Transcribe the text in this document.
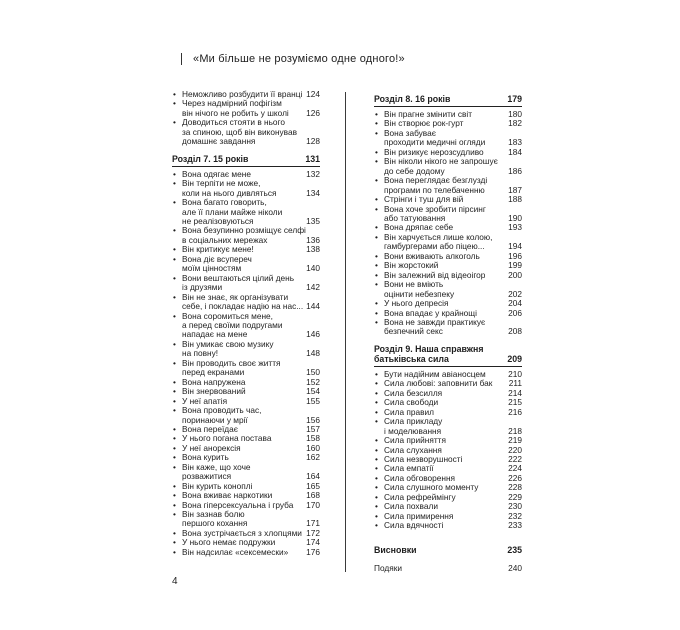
«Ми більше не розуміємо одне одного!»
• Неможливо розбудити її вранці 124
• Через надмірний пофігізм
він нічого не робить у школі	126
• Доводиться стояти в нього
за спиною, щоб він виконував
домашнє завдання	128
Розділ 7. 15 років	131
• Вона одягає мене	132
• Він терпіти не може,
коли на нього дивляться	134
• Вона багато говорить,
але її плани майже ніколи
не реалізовуються	135
• Вона безупинно розміщує селфі
в соціальних мережах	136
• Він критикує мене!	138
• Вона діє всупереч
моїм цінностям	140
• Вони вештаються цілий день
із друзями	142
• Він не знає, як організувати
себе, і покладає надію на нас... 144
• Вона соромиться мене,
а перед своїми подругами
нападає на мене	146
• Він умикає свою музику
на повну!	148
• Він проводить своє життя
перед екранами	150
• Вона напружена	152
• Він знервований	154
• У неї апатія	155
• Вона проводить час,
поринаючи у мрії	156
• Вона переїдає	157
• У нього погана постава	158
• У неї анорексія	160
• Вона курить	162
• Він каже, що хоче
розважитися	164
• Він курить коноплі	165
• Вона вживає наркотики	168
• Вона гіперсексуальна і груба	170
• Він зазнав болю
першого кохання	171
• Вона зустрічається з хлопцями 172
• У нього немає подружки	174
• Він надсилає «сексемески»	176
Розділ 8. 16 років	179
• Він прагне змінити світ	180
• Він створює рок-гурт	182
• Вона забуває
проходити медичні огляди	183
• Він ризикує нерозсудливо	184
• Він ніколи нікого не запрошує
до себе додому	186
• Вона переглядає безглузді
програми по телебаченню	187
• Стрінги і туш для вій	188
• Вона хоче зробити пірсинг
або татуювання	190
• Вона дряпає себе	193
• Він харчується лише колою,
гамбургерами або піцею...	194
• Вони вживають алкоголь	196
• Він жорстокий	199
• Він залежний від відеоігор	200
• Вони не вміють
оцінити небезпеку	202
• У нього депресія	204
• Вона впадає у крайнощі	206
• Вона не завжди практикує
безпечний секс	208
Розділ 9. Наша справжня
батьківська сила	209
• Бути надійним авіаносцем	210
• Сила любові: заповнити бак	211
• Сила безсилля	214
• Сила свободи	215
• Сила правил	216
• Сила прикладу
і моделювання	218
• Сила прийняття	219
• Сила слухання	220
• Сила незворушності	222
• Сила емпатії	224
• Сила обговорення	226
• Сила слушного моменту	228
• Сила рефреймінгу	229
• Сила похвали	230
• Сила примирення	232
• Сила вдячності	233
Висновки	235
Подяки	240
4
